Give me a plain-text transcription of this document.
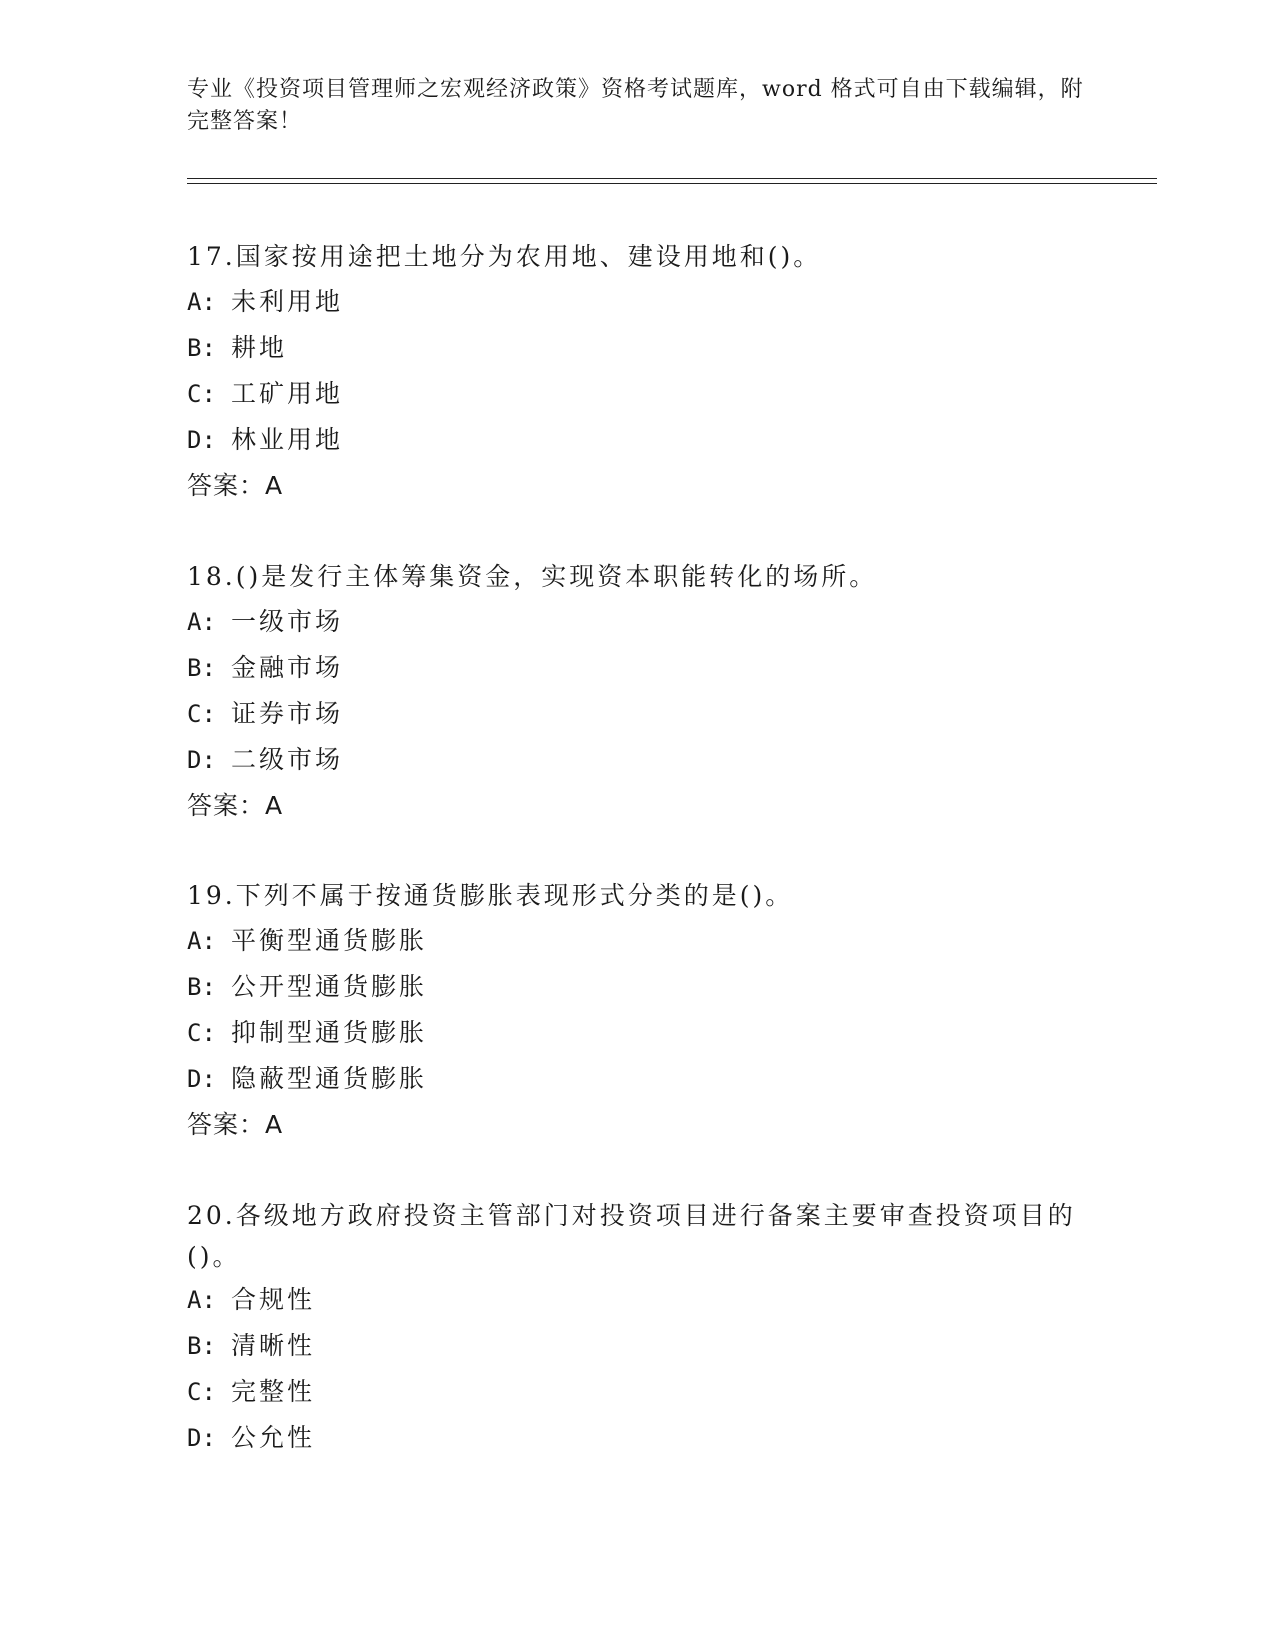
专业《投资项目管理师之宏观经济政策》资格考试题库，word 格式可自由下载编辑，附完整答案！

17.国家按用途把土地分为农用地、建设用地和()。

A: 未利用地

B: 耕地

C: 工矿用地

D: 林业用地

答案：A

18.()是发行主体筹集资金，实现资本职能转化的场所。

A: 一级市场

B: 金融市场

C: 证券市场

D: 二级市场

答案：A

19.下列不属于按通货膨胀表现形式分类的是()。

A: 平衡型通货膨胀

B: 公开型通货膨胀

C: 抑制型通货膨胀

D: 隐蔽型通货膨胀

答案：A

20.各级地方政府投资主管部门对投资项目进行备案主要审查投资项目的()。

A: 合规性

B: 清晰性

C: 完整性

D: 公允性
